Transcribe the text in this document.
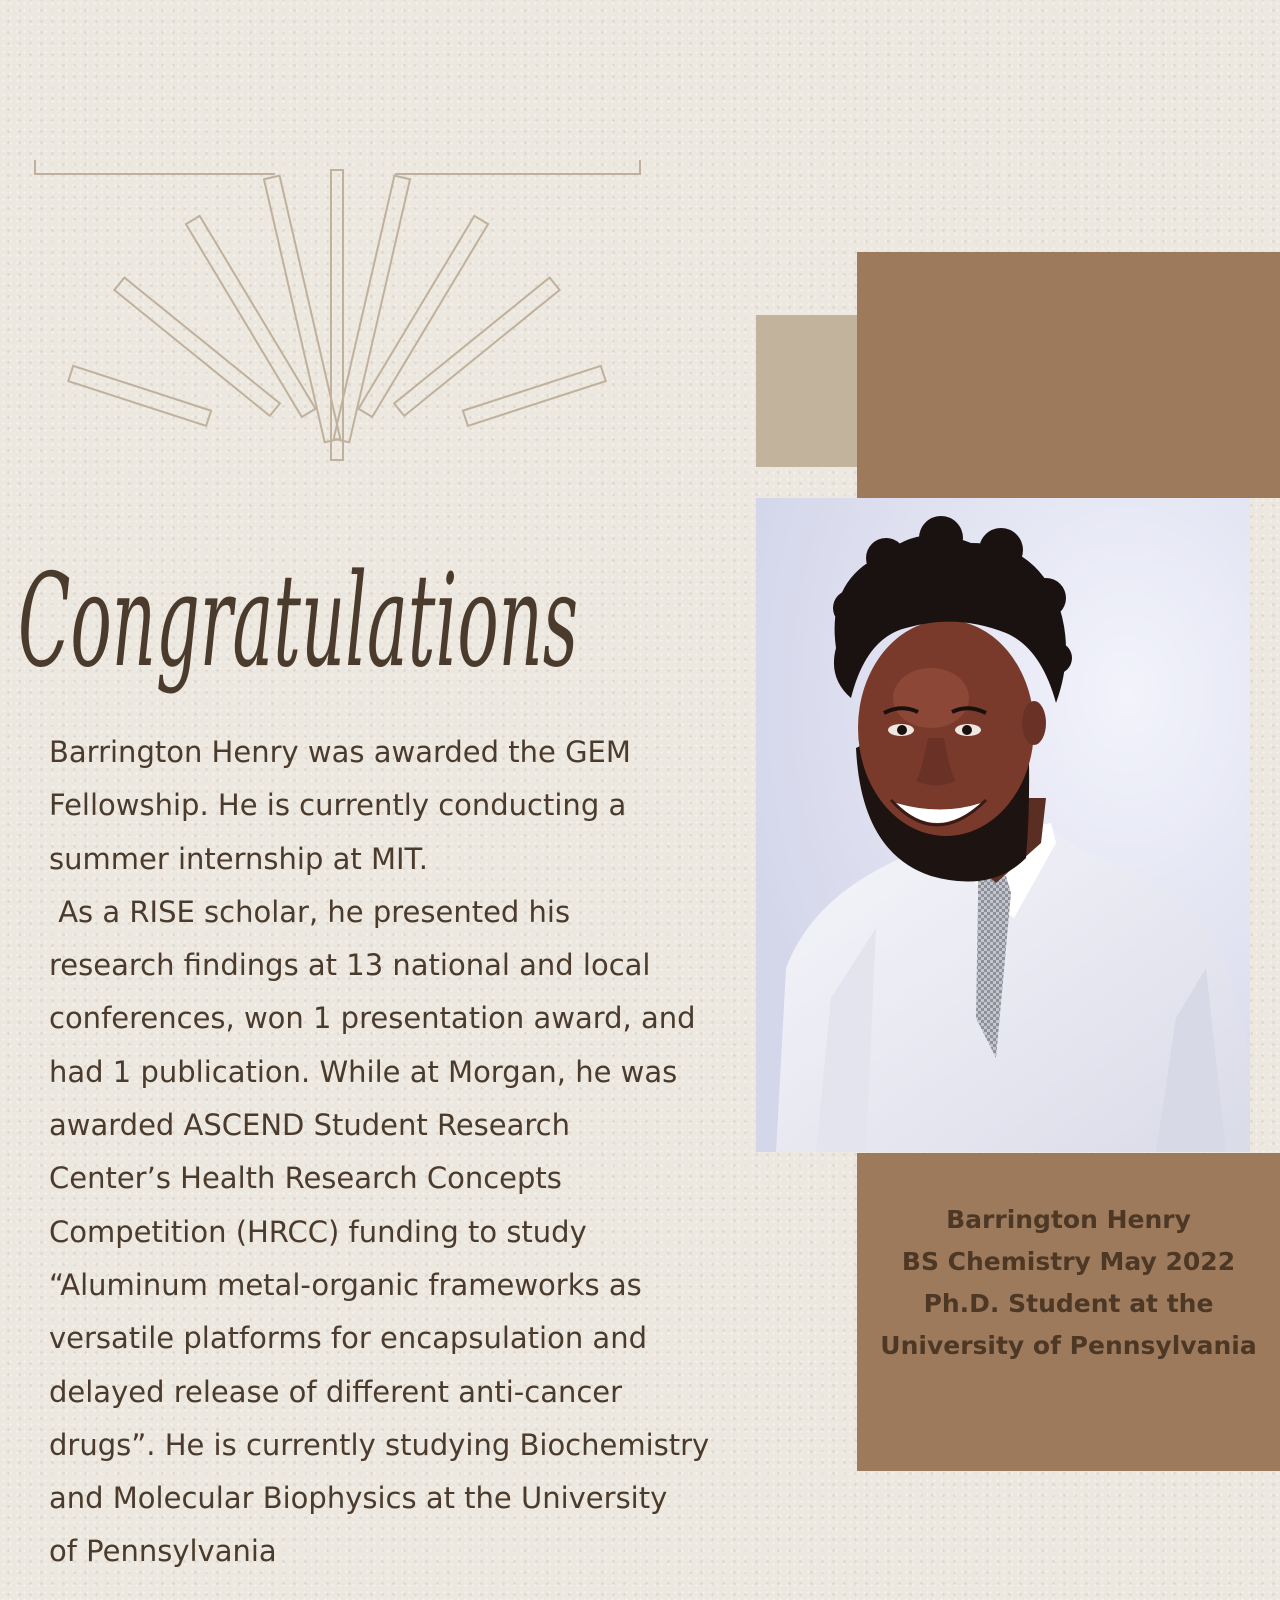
Congratulations

Barrington Henry was awarded the GEM
Fellowship. He is currently conducting a
summer internship at MIT.
As a RISE scholar, he presented his
research findings at 13 national and local
conferences, won 1 presentation award, and
had 1 publication. While at Morgan, he was
awarded ASCEND Student Research
Center’s Health Research Concepts
Competition (HRCC) funding to study
“Aluminum metal-organic frameworks as
versatile platforms for encapsulation and
delayed release of different anti-cancer
drugs”. He is currently studying Biochemistry
and Molecular Biophysics at the University
of Pennsylvania

Barrington Henry
BS Chemistry May 2022
Ph.D. Student at the
University of Pennsylvania
